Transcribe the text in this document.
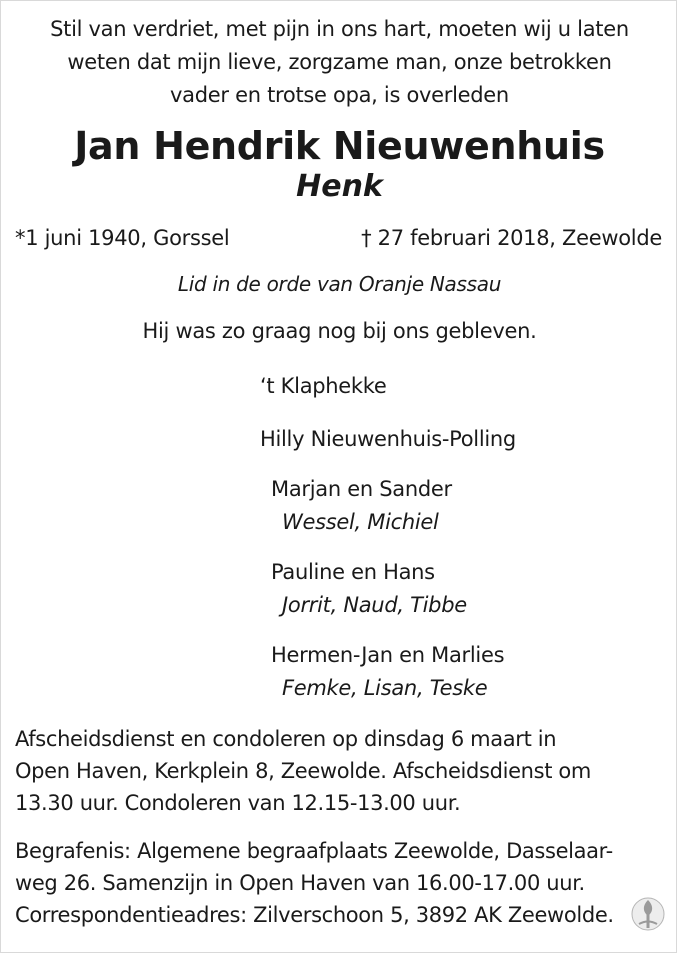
Stil van verdriet, met pijn in ons hart, moeten wij u laten
weten dat mijn lieve, zorgzame man, onze betrokken
vader en trotse opa, is overleden
Jan Hendrik Nieuwenhuis
Henk
*1 juni 1940, Gorssel	† 27 februari 2018, Zeewolde
Lid in de orde van Oranje Nassau
Hij was zo graag nog bij ons gebleven.
‘t Klaphekke
Hilly Nieuwenhuis-Polling
Marjan en Sander
Wessel, Michiel
Pauline en Hans
Jorrit, Naud, Tibbe
Hermen-Jan en Marlies
Femke, Lisan, Teske
Afscheidsdienst en condoleren op dinsdag 6 maart in
Open Haven, Kerkplein 8, Zeewolde. Afscheidsdienst om
13.30 uur. Condoleren van 12.15-13.00 uur.
Begrafenis: Algemene begraafplaats Zeewolde, Dasselaar-
weg 26. Samenzijn in Open Haven van 16.00-17.00 uur.
Correspondentieadres: Zilverschoon 5, 3892 AK Zeewolde.
